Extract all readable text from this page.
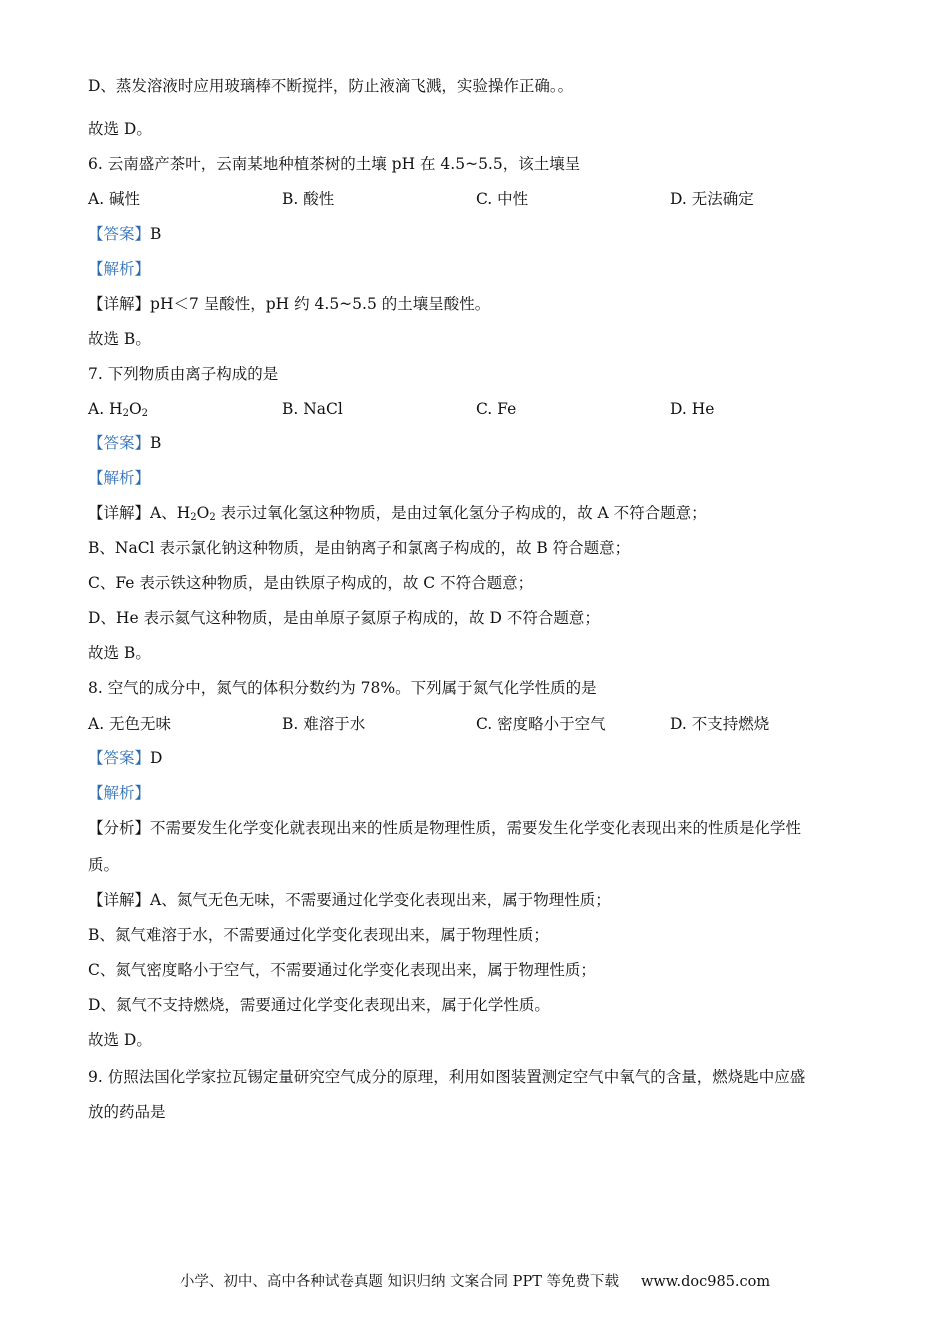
D、蒸发溶液时应用玻璃棒不断搅拌，防止液滴飞溅，实验操作正确。。
故选 D。
6. 云南盛产茶叶，云南某地种植茶树的土壤 pH 在 4.5~5.5，该土壤呈
A. 碱性	B. 酸性	C. 中性	D. 无法确定
【答案】B
【解析】
【详解】pH＜7 呈酸性，pH 约 4.5~5.5 的土壤呈酸性。
故选 B。
7. 下列物质由离子构成的是
A. $H_2O_2$	B. NaCl	C. Fe	D. He
【答案】B
【解析】
【详解】A、$H_2O_2$ 表示过氧化氢这种物质，是由过氧化氢分子构成的，故 A 不符合题意；
B、NaCl 表示氯化钠这种物质，是由钠离子和氯离子构成的，故 B 符合题意；
C、Fe 表示铁这种物质，是由铁原子构成的，故 C 不符合题意；
D、He 表示氦气这种物质，是由单原子氦原子构成的，故 D 不符合题意；
故选 B。
8. 空气的成分中，氮气的体积分数约为 78%。下列属于氮气化学性质的是
A. 无色无味	B. 难溶于水	C. 密度略小于空气	D. 不支持燃烧
【答案】D
【解析】
【分析】不需要发生化学变化就表现出来的性质是物理性质，需要发生化学变化表现出来的性质是化学性
质。
【详解】A、氮气无色无味，不需要通过化学变化表现出来，属于物理性质；
B、氮气难溶于水，不需要通过化学变化表现出来，属于物理性质；
C、氮气密度略小于空气，不需要通过化学变化表现出来，属于物理性质；
D、氮气不支持燃烧，需要通过化学变化表现出来，属于化学性质。
故选 D。
9. 仿照法国化学家拉瓦锡定量研究空气成分的原理，利用如图装置测定空气中氧气的含量，燃烧匙中应盛
放的药品是
小学、初中、高中各种试卷真题 知识归纳 文案合同 PPT 等免费下载 www.doc985.com
